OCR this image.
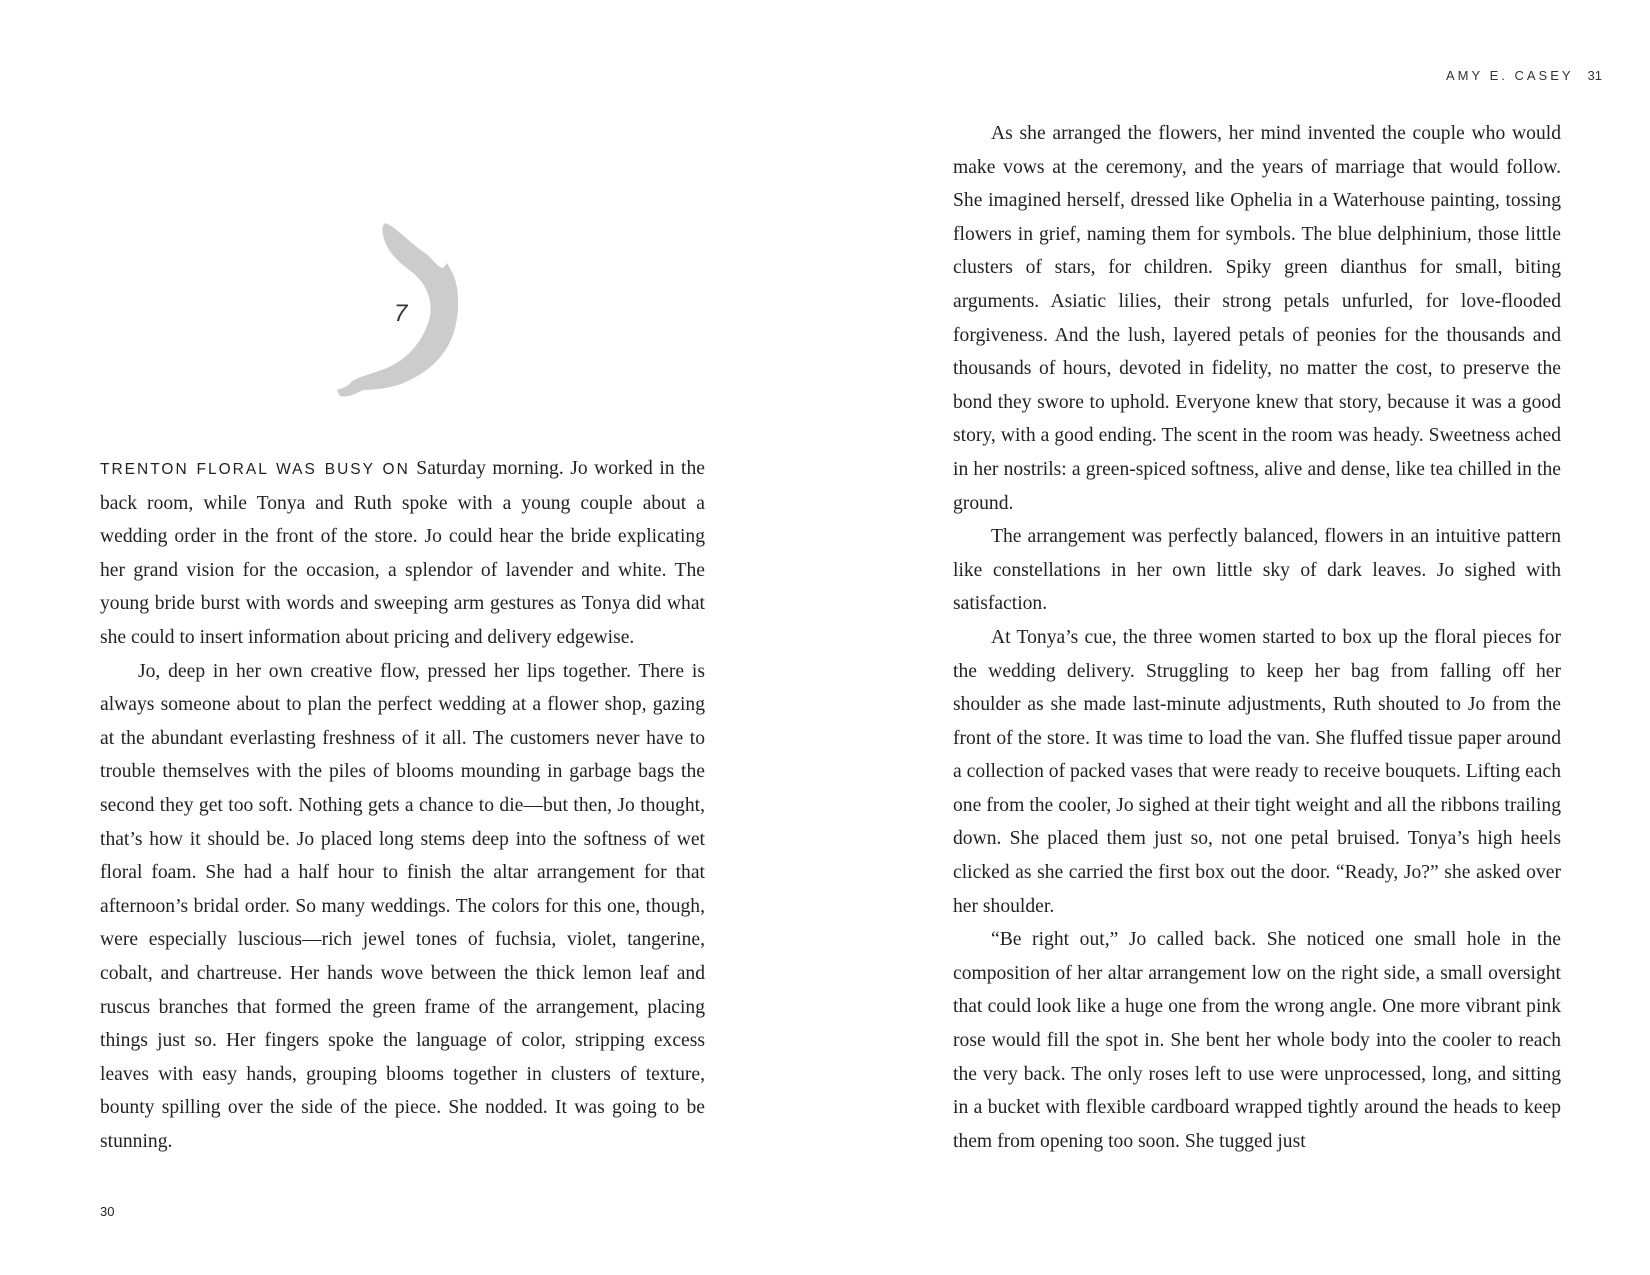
7

TRENTON FLORAL WAS BUSY ON Saturday morning. Jo worked in the back room, while Tonya and Ruth spoke with a young couple about a wedding order in the front of the store. Jo could hear the bride explicating her grand vision for the occasion, a splendor of lavender and white. The young bride burst with words and sweeping arm gestures as Tonya did what she could to insert information about pricing and delivery edgewise.

Jo, deep in her own creative flow, pressed her lips together. There is always someone about to plan the perfect wedding at a flower shop, gazing at the abundant everlasting freshness of it all. The customers never have to trouble themselves with the piles of blooms mounding in garbage bags the second they get too soft. Nothing gets a chance to die—but then, Jo thought, that’s how it should be. Jo placed long stems deep into the softness of wet floral foam. She had a half hour to finish the altar arrangement for that afternoon’s bridal order. So many weddings. The colors for this one, though, were especially luscious—rich jewel tones of fuchsia, violet, tangerine, cobalt, and chartreuse. Her hands wove between the thick lemon leaf and ruscus branches that formed the green frame of the arrangement, placing things just so. Her fingers spoke the language of color, stripping excess leaves with easy hands, grouping blooms together in clusters of texture, bounty spilling over the side of the piece. She nodded. It was going to be stunning.

30
AMY E. CASEY 31

As she arranged the flowers, her mind invented the couple who would make vows at the ceremony, and the years of marriage that would follow. She imagined herself, dressed like Ophelia in a Waterhouse painting, tossing flowers in grief, naming them for symbols. The blue delphinium, those little clusters of stars, for children. Spiky green dianthus for small, biting arguments. Asiatic lilies, their strong petals unfurled, for love-flooded forgiveness. And the lush, layered petals of peonies for the thousands and thousands of hours, devoted in fidelity, no matter the cost, to preserve the bond they swore to uphold. Everyone knew that story, because it was a good story, with a good ending. The scent in the room was heady. Sweetness ached in her nostrils: a green-spiced softness, alive and dense, like tea chilled in the ground.

The arrangement was perfectly balanced, flowers in an intuitive pattern like constellations in her own little sky of dark leaves. Jo sighed with satisfaction.

At Tonya’s cue, the three women started to box up the floral pieces for the wedding delivery. Struggling to keep her bag from falling off her shoulder as she made last-minute adjustments, Ruth shouted to Jo from the front of the store. It was time to load the van. She fluffed tissue paper around a collection of packed vases that were ready to receive bouquets. Lifting each one from the cooler, Jo sighed at their tight weight and all the ribbons trailing down. She placed them just so, not one petal bruised. Tonya’s high heels clicked as she carried the first box out the door. “Ready, Jo?” she asked over her shoulder.

“Be right out,” Jo called back. She noticed one small hole in the composition of her altar arrangement low on the right side, a small oversight that could look like a huge one from the wrong angle. One more vibrant pink rose would fill the spot in. She bent her whole body into the cooler to reach the very back. The only roses left to use were unprocessed, long, and sitting in a bucket with flexible cardboard wrapped tightly around the heads to keep them from opening too soon. She tugged just
